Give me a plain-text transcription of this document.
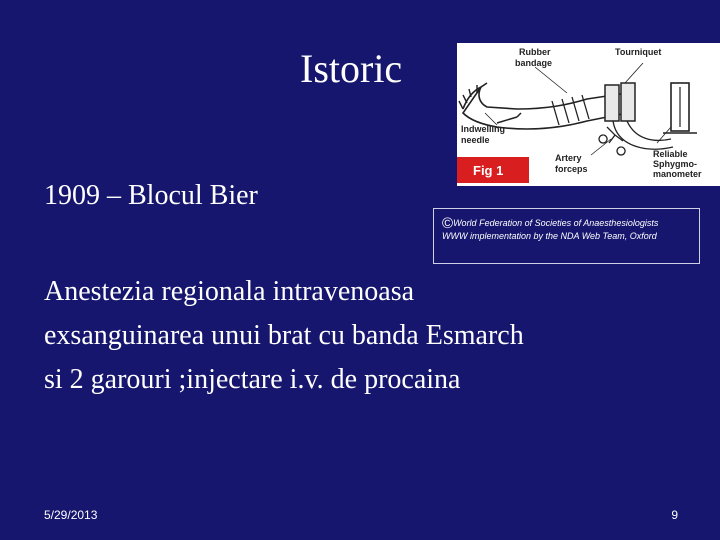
Istoric	Rubber
bandage
Tourniquet
Indwelling
needle
Reliable
Sphygmo-
manometer
Artery
forceps
Fig 1
©World Federation of Societies of Anaesthesiologists
WWW implementation by the NDA Web Team, Oxford
1909 – Blocul Bier
Anestezia regionala intravenoasa
exsanguinarea unui brat cu banda Esmarch
si 2 garouri ;injectare i.v. de procaina
5/29/2013	9
